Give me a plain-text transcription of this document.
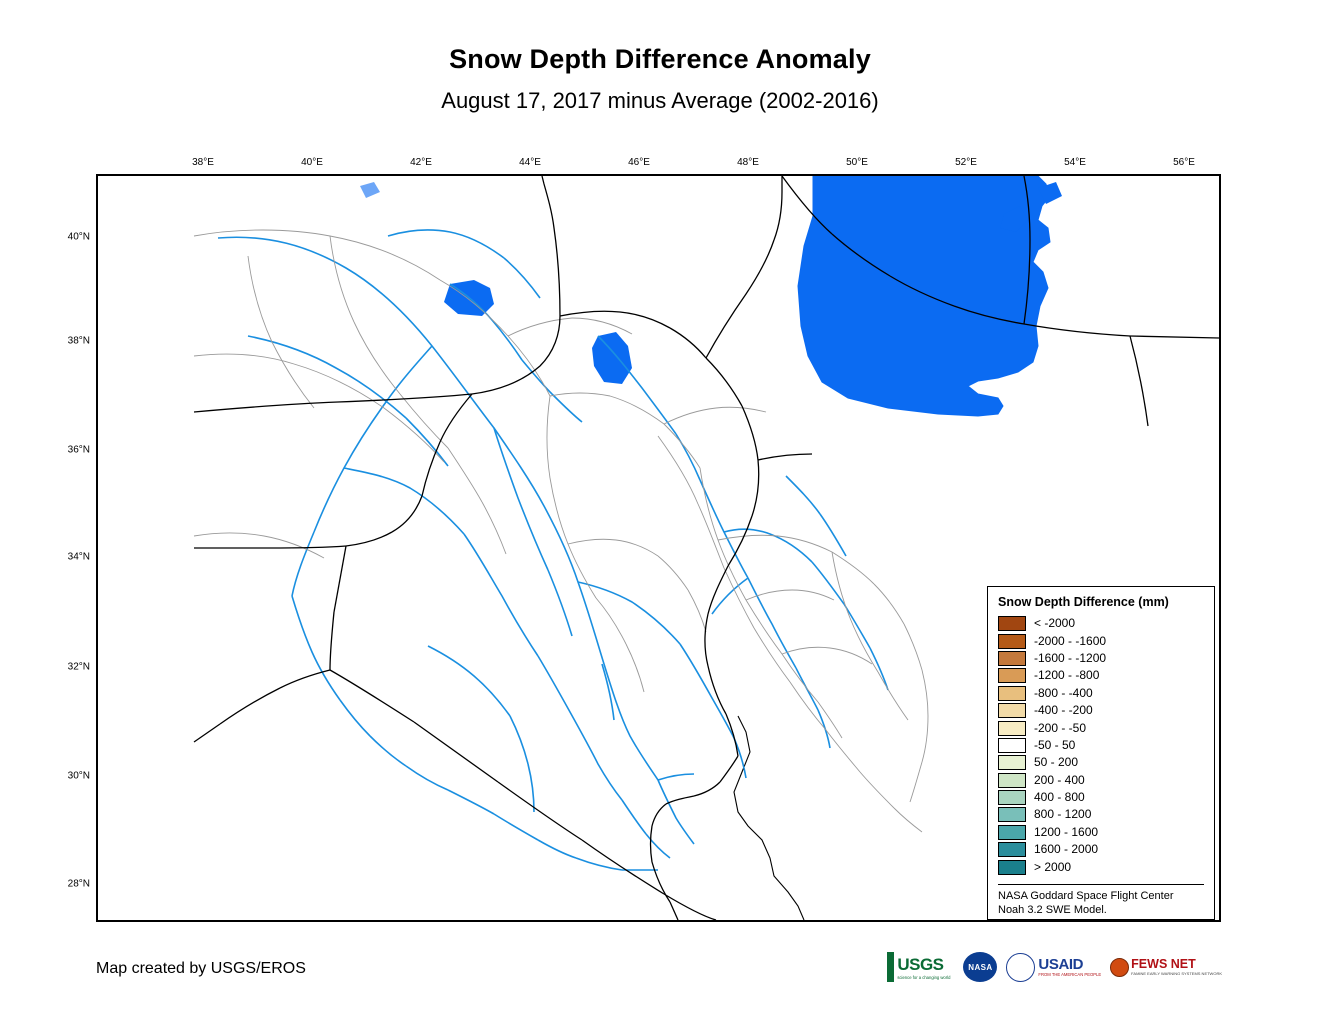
Snow Depth Difference Anomaly
August 17, 2017 minus Average (2002-2016)
38°E	40°E	42°E	44°E	46°E	48°E	50°E	52°E	54°E	56°E
40°N
38°N
36°N
34°N
32°N
30°N
28°N
Snow Depth Difference (mm)
< -2000
-2000 - -1600
-1600 - -1200
-1200 - -800
-800 - -400
-400 - -200
-200 - -50
-50 - 50
50 - 200
200 - 400
400 - 800
800 - 1200
1200 - 1600
1600 - 2000
> 2000
NASA Goddard Space Flight Center
Noah 3.2 SWE Model.
Map created by USGS/EROS	USGS
science for a changing world
NASA	USAID
FROM THE AMERICAN PEOPLE
FEWS NET
FAMINE EARLY WARNING SYSTEMS NETWORK
